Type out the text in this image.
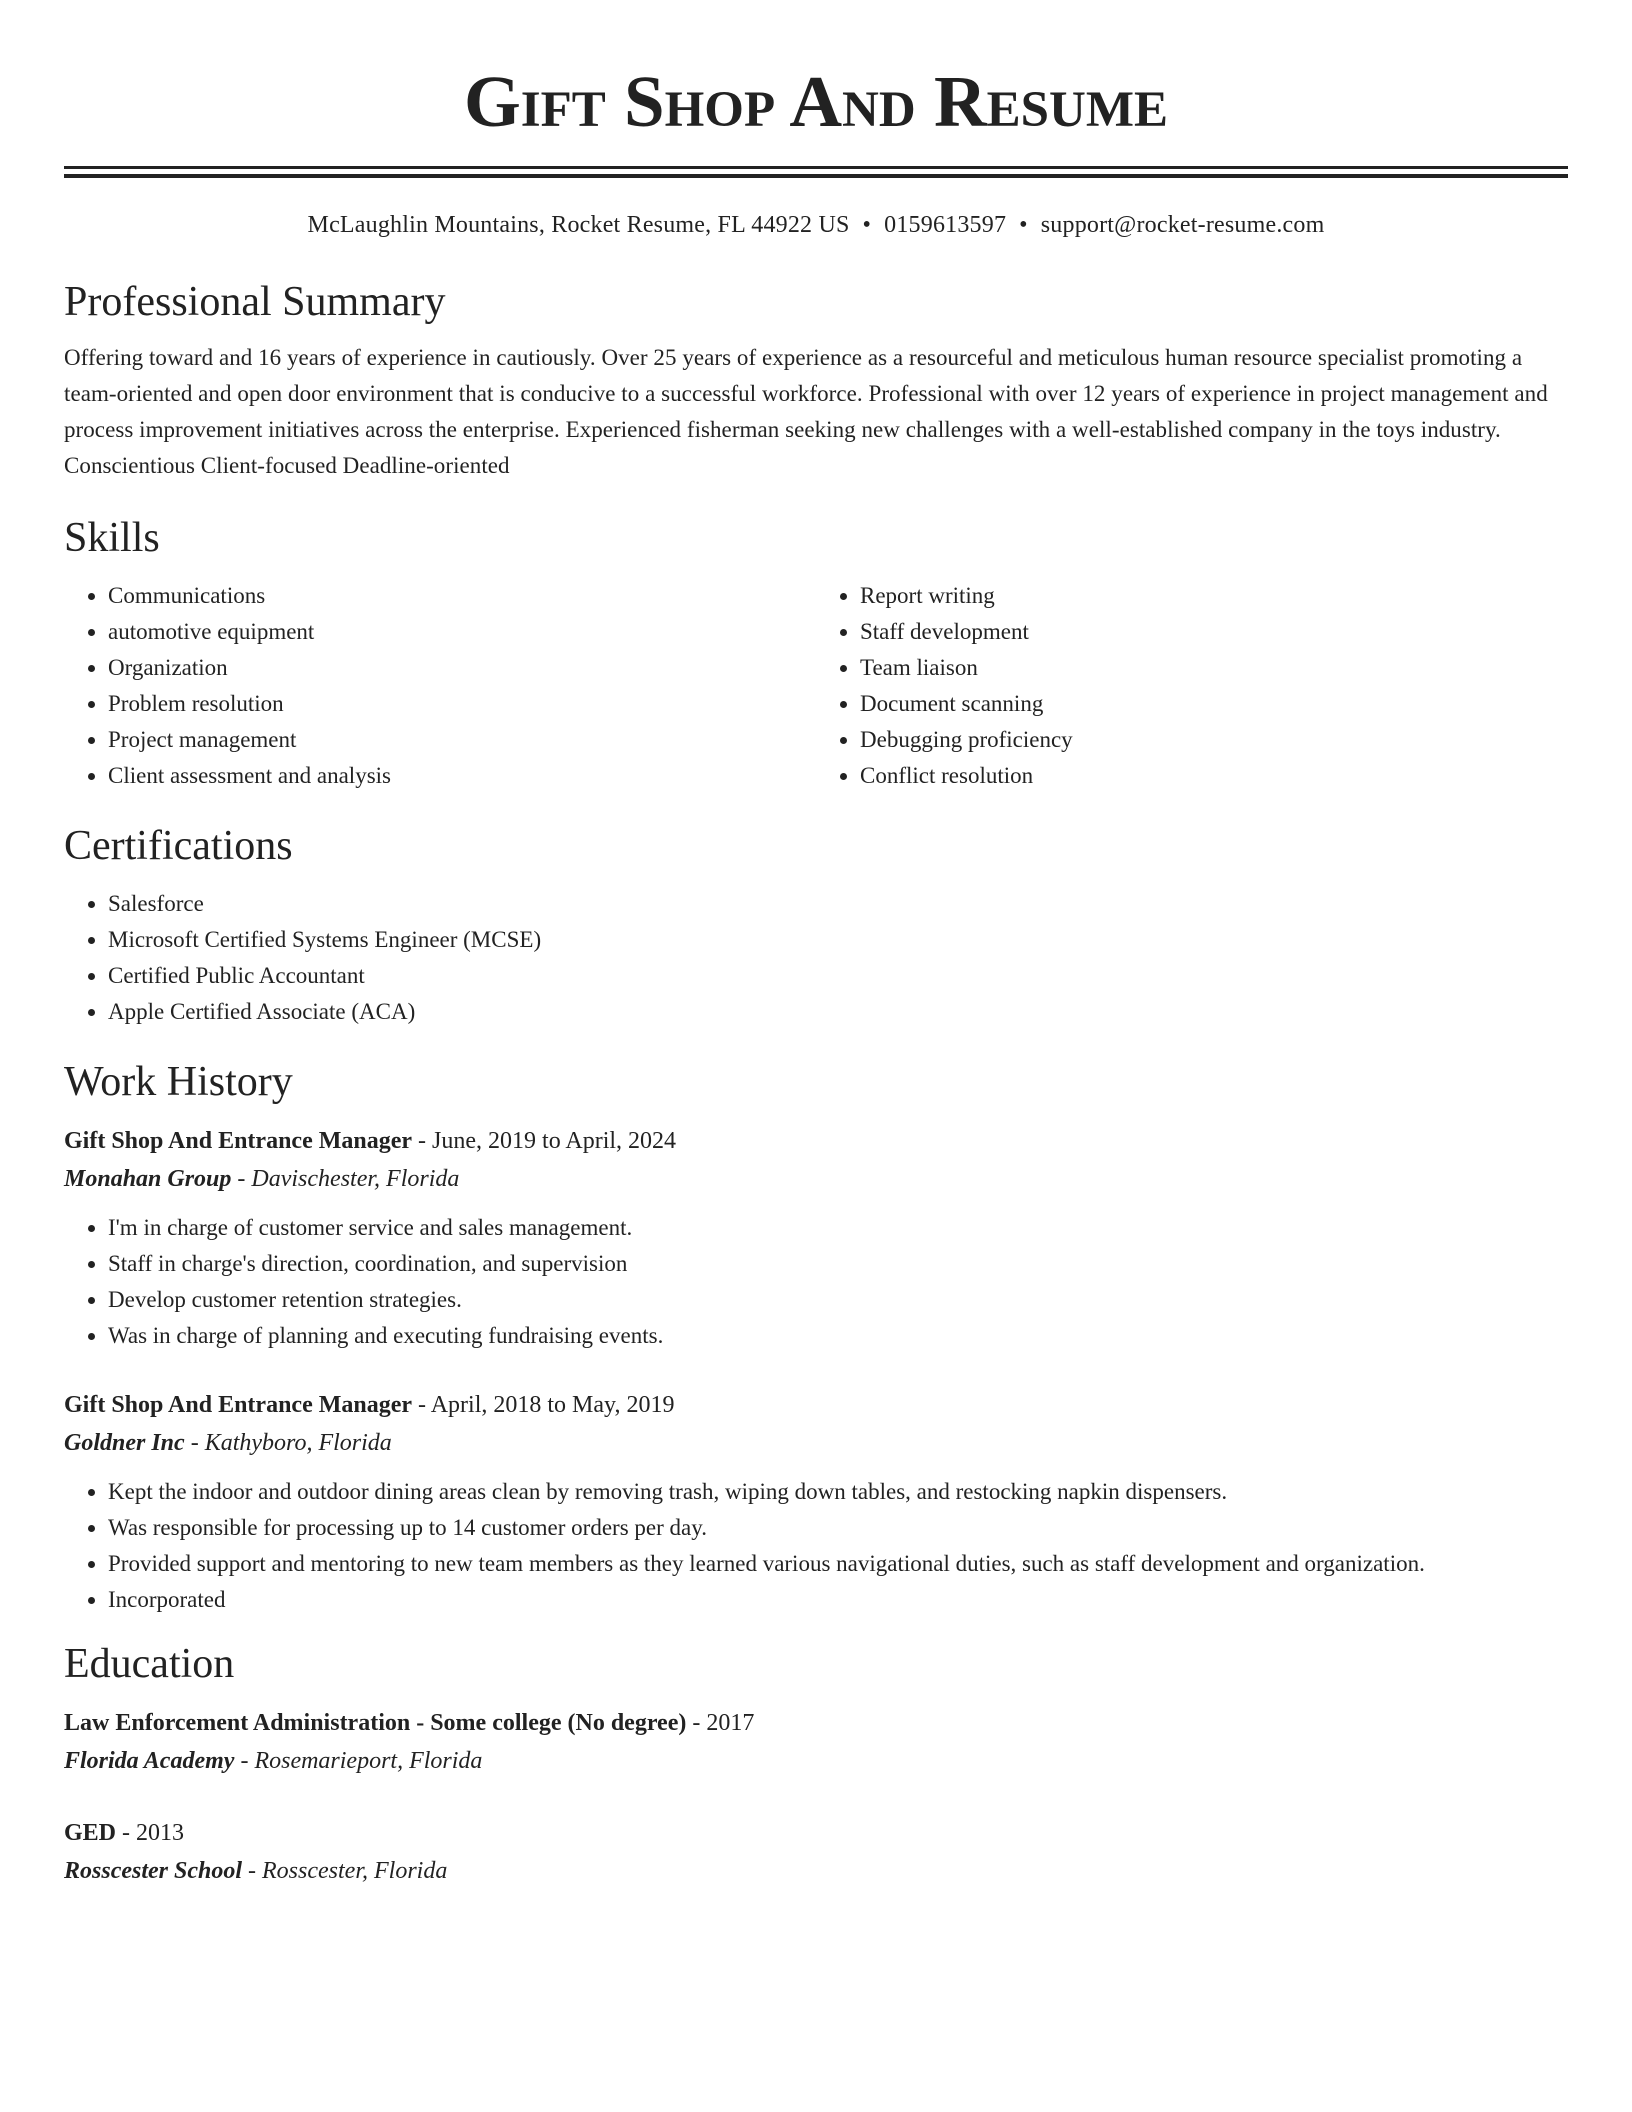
Gift Shop And Resume
McLaughlin Mountains, Rocket Resume, FL 44922 US • 0159613597 • support@rocket-resume.com
Professional Summary

Offering toward and 16 years of experience in cautiously. Over 25 years of experience as a resourceful and meticulous human resource specialist promoting a team-oriented and open door environment that is conducive to a successful workforce. Professional with over 12 years of experience in project management and process improvement initiatives across the enterprise. Experienced fisherman seeking new challenges with a well-established company in the toys industry. Conscientious Client-focused Deadline-oriented

Skills
• Communications
• automotive equipment
• Organization
• Problem resolution
• Project management
• Client assessment and analysis
• Report writing
• Staff development
• Team liaison
• Document scanning
• Debugging proficiency
• Conflict resolution
Certifications
• Salesforce
• Microsoft Certified Systems Engineer (MCSE)
• Certified Public Accountant
• Apple Certified Associate (ACA)
Work History
Gift Shop And Entrance Manager - June, 2019 to April, 2024
Monahan Group - Davischester, Florida
• I'm in charge of customer service and sales management.
• Staff in charge's direction, coordination, and supervision
• Develop customer retention strategies.
• Was in charge of planning and executing fundraising events.
Gift Shop And Entrance Manager - April, 2018 to May, 2019
Goldner Inc - Kathyboro, Florida
• Kept the indoor and outdoor dining areas clean by removing trash, wiping down tables, and restocking napkin dispensers.
• Was responsible for processing up to 14 customer orders per day.
• Provided support and mentoring to new team members as they learned various navigational duties, such as staff development and organization.
• Incorporated
Education
Law Enforcement Administration - Some college (No degree) - 2017
Florida Academy - Rosemarieport, Florida
GED - 2013
Rosscester School - Rosscester, Florida
